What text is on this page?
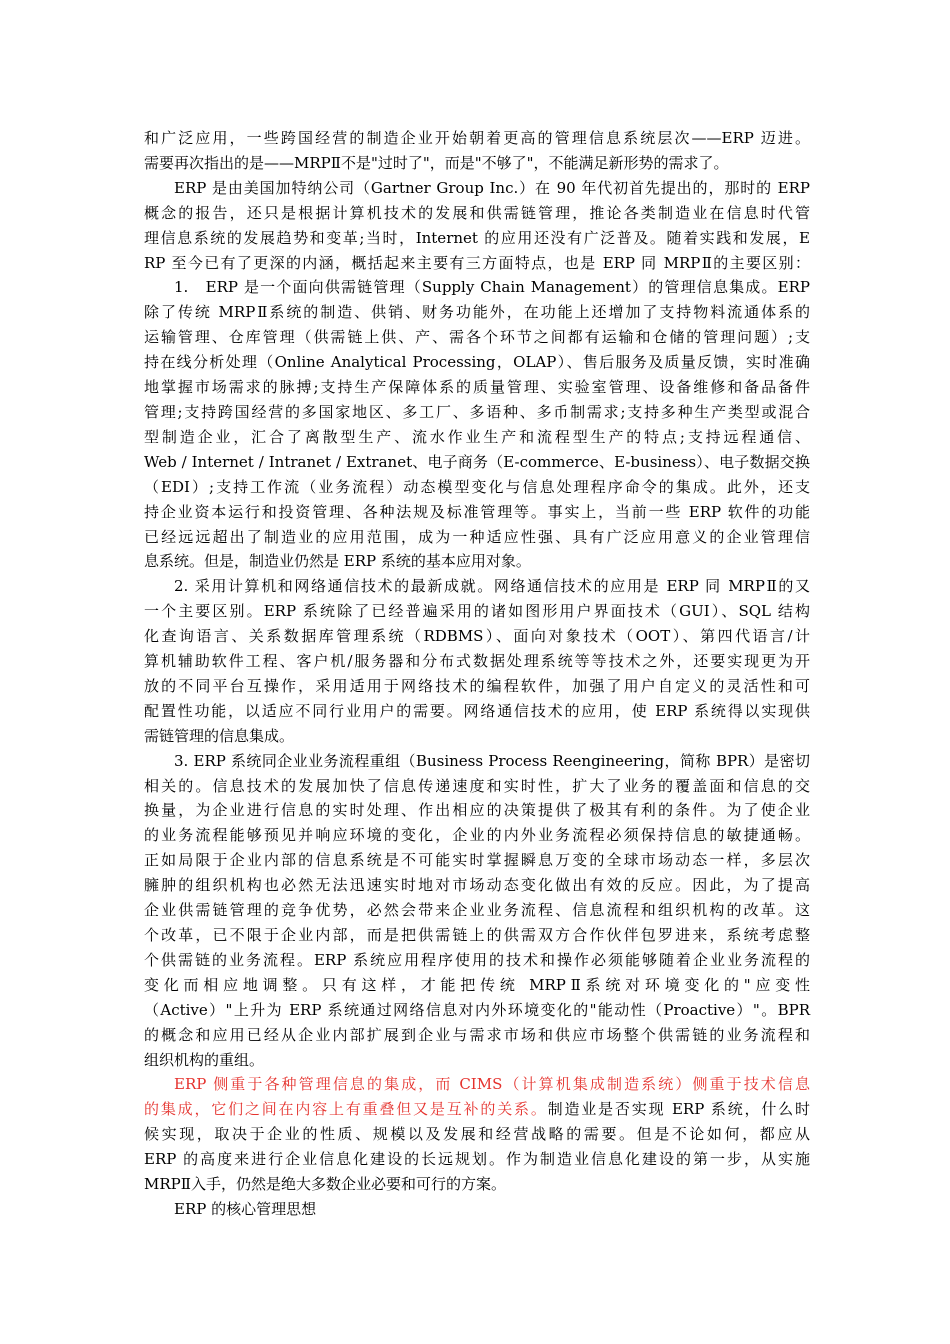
和广泛应用，一些跨国经营的制造企业开始朝着更高的管理信息系统层次——ERP 迈进。
需要再次指出的是——MRPⅡ不是"过时了"，而是"不够了"，不能满足新形势的需求了。
ERP 是由美国加特纳公司（Gartner Group Inc.）在 90 年代初首先提出的，那时的 ERP
概念的报告，还只是根据计算机技术的发展和供需链管理，推论各类制造业在信息时代管
理信息系统的发展趋势和变革;当时，Internet 的应用还没有广泛普及。随着实践和发展，E
RP 至今已有了更深的内涵，概括起来主要有三方面特点，也是 ERP 同 MRPⅡ的主要区别：
1.　ERP 是一个面向供需链管理（Supply Chain Management）的管理信息集成。ERP
除了传统 MRPⅡ系统的制造、供销、财务功能外，在功能上还增加了支持物料流通体系的
运输管理、仓库管理（供需链上供、产、需各个环节之间都有运输和仓储的管理问题）;支
持在线分析处理（Online Analytical Processing，OLAP）、售后服务及质量反馈，实时准确
地掌握市场需求的脉搏;支持生产保障体系的质量管理、实验室管理、设备维修和备品备件
管理;支持跨国经营的多国家地区、多工厂、多语种、多币制需求;支持多种生产类型或混合
型制造企业，汇合了离散型生产、流水作业生产和流程型生产的特点;支持远程通信、
Web / Internet / Intranet / Extranet、电子商务（E-commerce、E-business）、电子数据交换
（EDI）;支持工作流（业务流程）动态模型变化与信息处理程序命令的集成。此外，还支
持企业资本运行和投资管理、各种法规及标准管理等。事实上，当前一些 ERP 软件的功能
已经远远超出了制造业的应用范围，成为一种适应性强、具有广泛应用意义的企业管理信
息系统。但是，制造业仍然是 ERP 系统的基本应用对象。
2. 采用计算机和网络通信技术的最新成就。网络通信技术的应用是 ERP 同 MRPⅡ的又
一个主要区别。ERP 系统除了已经普遍采用的诸如图形用户界面技术（GUI）、SQL 结构
化查询语言、关系数据库管理系统（RDBMS）、面向对象技术（OOT）、第四代语言/计
算机辅助软件工程、客户机/服务器和分布式数据处理系统等等技术之外，还要实现更为开
放的不同平台互操作，采用适用于网络技术的编程软件，加强了用户自定义的灵活性和可
配置性功能，以适应不同行业用户的需要。网络通信技术的应用，使 ERP 系统得以实现供
需链管理的信息集成。
3. ERP 系统同企业业务流程重组（Business Process Reengineering，简称 BPR）是密切
相关的。信息技术的发展加快了信息传递速度和实时性，扩大了业务的覆盖面和信息的交
换量，为企业进行信息的实时处理、作出相应的决策提供了极其有利的条件。为了使企业
的业务流程能够预见并响应环境的变化，企业的内外业务流程必须保持信息的敏捷通畅。
正如局限于企业内部的信息系统是不可能实时掌握瞬息万变的全球市场动态一样，多层次
臃肿的组织机构也必然无法迅速实时地对市场动态变化做出有效的反应。因此，为了提高
企业供需链管理的竞争优势，必然会带来企业业务流程、信息流程和组织机构的改革。这
个改革，已不限于企业内部，而是把供需链上的供需双方合作伙伴包罗进来，系统考虑整
个供需链的业务流程。ERP 系统应用程序使用的技术和操作必须能够随着企业业务流程的
变化而相应地调整。只有这样，才能把传统 MRPⅡ系统对环境变化的"应变性
（Active）"上升为 ERP 系统通过网络信息对内外环境变化的"能动性（Proactive）"。BPR
的概念和应用已经从企业内部扩展到企业与需求市场和供应市场整个供需链的业务流程和
组织机构的重组。
ERP 侧重于各种管理信息的集成，而 CIMS（计算机集成制造系统）侧重于技术信息
的集成，它们之间在内容上有重叠但又是互补的关系。制造业是否实现 ERP 系统，什么时
候实现，取决于企业的性质、规模以及发展和经营战略的需要。但是不论如何，都应从
ERP 的高度来进行企业信息化建设的长远规划。作为制造业信息化建设的第一步，从实施
MRPⅡ入手，仍然是绝大多数企业必要和可行的方案。
ERP 的核心管理思想
